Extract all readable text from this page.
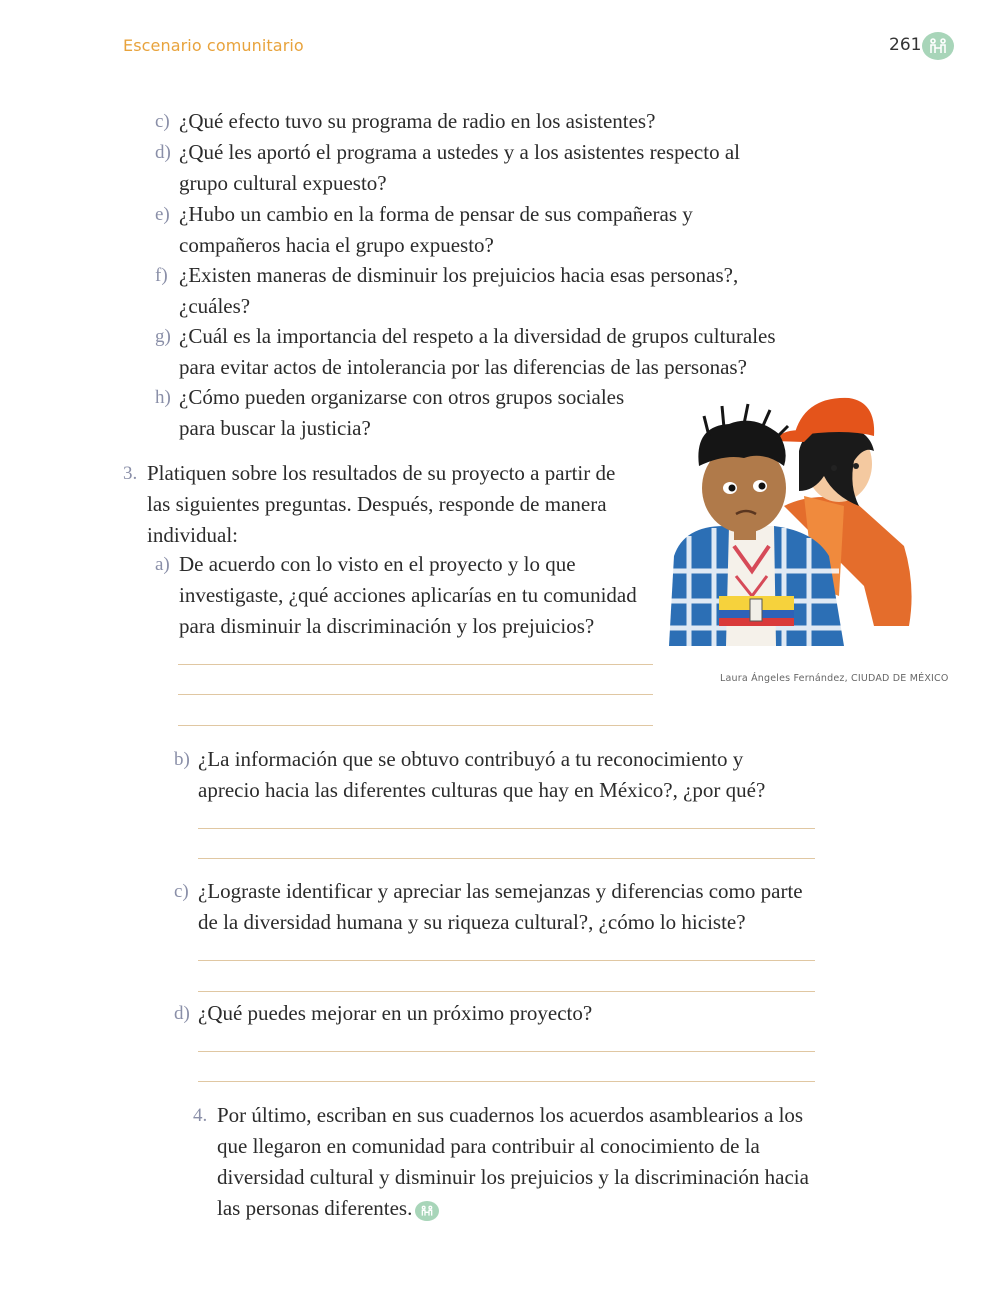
Escenario comunitario	261
c) ¿Qué efecto tuvo su programa de radio en los asistentes?
d) ¿Qué les aportó el programa a ustedes y a los asistentes respecto al grupo cultural expuesto?
e) ¿Hubo un cambio en la forma de pensar de sus compañeras y compañeros hacia el grupo expuesto?
f) ¿Existen maneras de disminuir los prejuicios hacia esas personas?, ¿cuáles?
g) ¿Cuál es la importancia del respeto a la diversidad de grupos culturales para evitar actos de intolerancia por las diferencias de las personas?
h) ¿Cómo pueden organizarse con otros grupos sociales para buscar la justicia?
3. Platiquen sobre los resultados de su proyecto a partir de las siguientes preguntas. Después, responde de manera individual:
a) De acuerdo con lo visto en el proyecto y lo que investigaste, ¿qué acciones aplicarías en tu comunidad para disminuir la discriminación y los prejuicios?
Laura Ángeles Fernández, CIUDAD DE MÉXICO
b) ¿La información que se obtuvo contribuyó a tu reconocimiento y aprecio hacia las diferentes culturas que hay en México?, ¿por qué?
c) ¿Lograste identificar y apreciar las semejanzas y diferencias como parte de la diversidad humana y su riqueza cultural?, ¿cómo lo hiciste?
d) ¿Qué puedes mejorar en un próximo proyecto?
4. Por último, escriban en sus cuadernos los acuerdos asamblearios a los que llegaron en comunidad para contribuir al conocimiento de la diversidad cultural y disminuir los prejuicios y la discriminación hacia las personas diferentes.
